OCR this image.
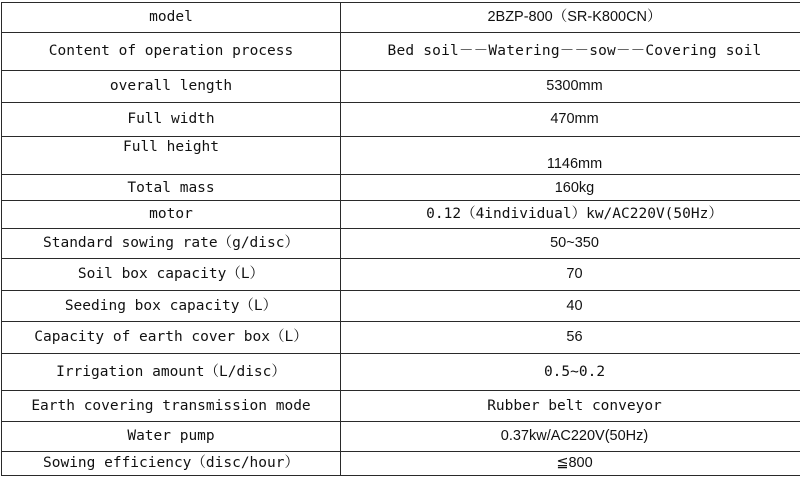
model	2BZP-800（SR-K800CN）
Content of operation process	Bed soil－－Watering－－sow－－Covering soil
overall length	5300mm
Full width	470mm
Full height	1146mm
Total mass	160kg
motor	0.12（4individual）kw/AC220V(50Hz）
Standard sowing rate（g/disc）	50~350
Soil box capacity（L）	70
Seeding box capacity（L）	40
Capacity of earth cover box（L）	56
Irrigation amount（L/disc）	0.5~0.2
Earth covering transmission mode	Rubber belt conveyor
Water pump	0.37kw/AC220V(50Hz)
Sowing efficiency（disc/hour）	≦800
